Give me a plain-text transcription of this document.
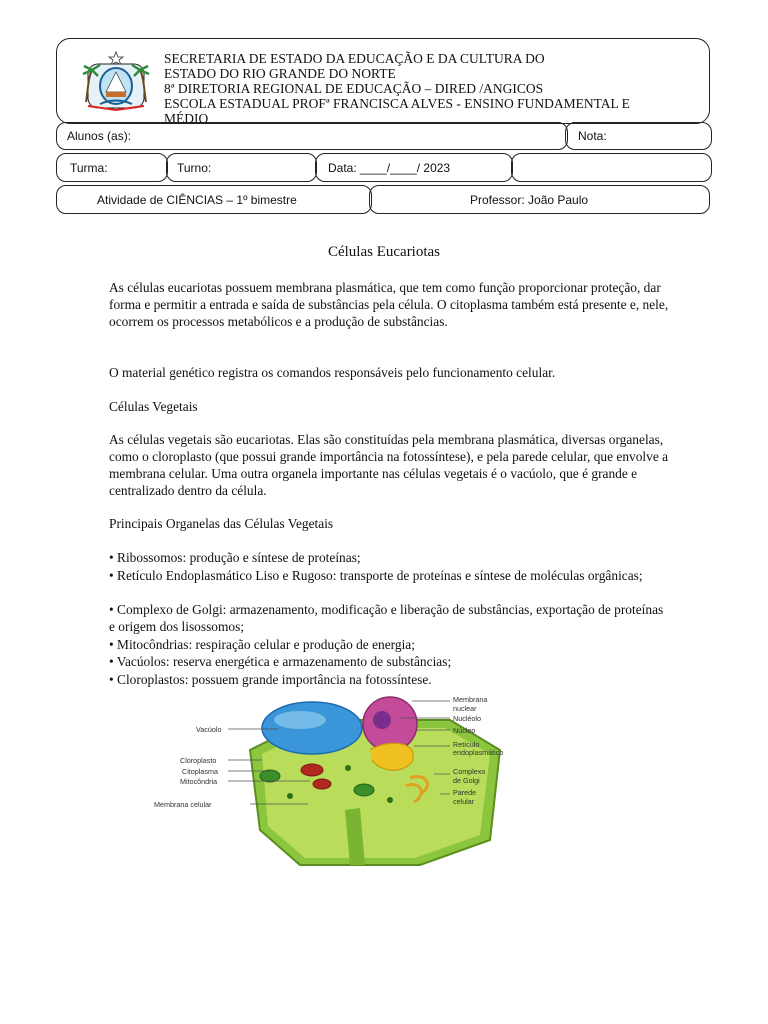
SECRETARIA DE ESTADO DA EDUCAÇÃO E DA CULTURA DO
ESTADO DO RIO GRANDE DO NORTE
8ª DIRETORIA REGIONAL DE EDUCAÇÃO – DIRED /ANGICOS
ESCOLA ESTADUAL PROFª FRANCISCA ALVES - ENSINO FUNDAMENTAL E
MÉDIO
Alunos (as):	Nota:
Turma:	Turno:	Data: ____/____/ 2023
Atividade de CIÊNCIAS – 1º bimestre	Professor: João Paulo
Células Eucariotas

As células eucariotas possuem membrana plasmática, que tem como função proporcionar proteção, dar forma e permitir a entrada e saída de substâncias pela célula. O citoplasma também está presente e, nele, ocorrem os processos metabólicos e a produção de substâncias.

O material genético registra os comandos responsáveis pelo funcionamento celular.

Células Vegetais

As células vegetais são eucariotas. Elas são constituídas pela membrana plasmática, diversas organelas, como o cloroplasto (que possui grande importância na fotossíntese), e pela parede celular, que envolve a membrana celular. Uma outra organela importante nas células vegetais é o vacúolo, que é grande e centralizado dentro da célula.

Principais Organelas das Células Vegetais

• Ribossomos: produção e síntese de proteínas;

• Retículo Endoplasmático Liso e Rugoso: transporte de proteínas e síntese de moléculas orgânicas;

• Complexo de Golgi: armazenamento, modificação e liberação de substâncias, exportação de proteínas e origem dos lisossomos;

• Mitocôndrias: respiração celular e produção de energia;

• Vacúolos: reserva energética e armazenamento de substâncias;

• Cloroplastos: possuem grande importância na fotossíntese.

Vacúolo
Cloroplasto
Citoplasma
Mitocôndria
Membrana celular
Membrana
nuclear
Nucléolo
Núcleo
Retículo
endoplasmático
Complexo
de Golgi
Parede
celular
